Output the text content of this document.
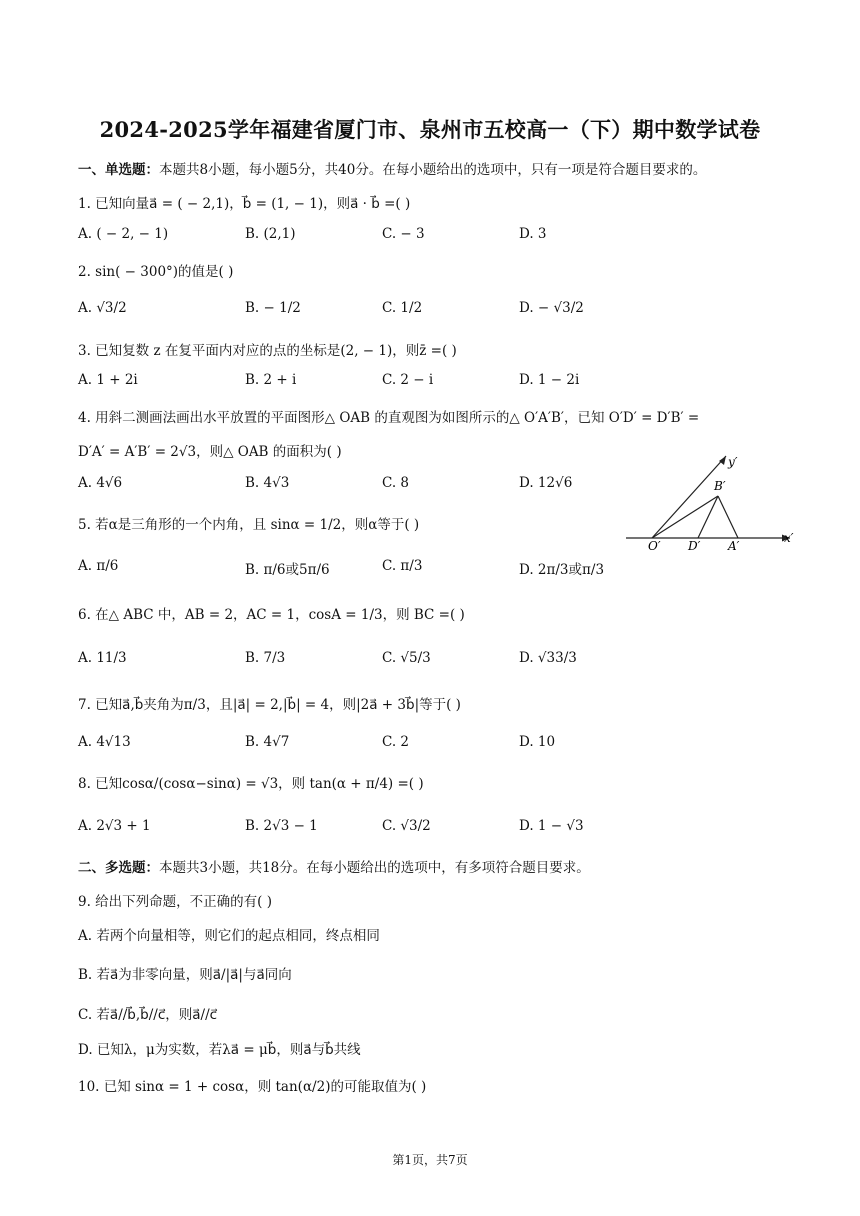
2024-2025学年福建省厦门市、泉州市五校高一（下）期中数学试卷
一、单选题：本题共8小题，每小题5分，共40分。在每小题给出的选项中，只有一项是符合题目要求的。
1. 已知向量a⃗ = ( − 2,1)，b⃗ = (1, − 1)，则a⃗ · b⃗ =( )
A. ( − 2, − 1)	B. (2,1)	C. − 3	D. 3
2. sin( − 300°)的值是( )
A. √3/2	B. − 1/2	C. 1/2	D. − √3/2
3. 已知复数 z 在复平面内对应的点的坐标是(2, − 1)，则z̄ =( )
A. 1 + 2i	B. 2 + i	C. 2 − i	D. 1 − 2i
4. 用斜二测画法画出水平放置的平面图形△ OAB 的直观图为如图所示的△ O′A′B′，已知 O′D′ = D′B′ =
D′A′ = A′B′ = 2√3，则△ OAB 的面积为( )
A. 4√6	B. 4√3	C. 8	D. 12√6
y′
B′
O′ D′ A′
x′
5. 若α是三角形的一个内角，且 sinα = 1/2，则α等于( )
A. π/6	B. π/6或5π/6	C. π/3	D. 2π/3或π/3
6. 在△ ABC 中，AB = 2，AC = 1，cosA = 1/3，则 BC =( )
A. 11/3	B. 7/3	C. √5/3	D. √33/3
7. 已知a⃗,b⃗夹角为π/3，且|a⃗| = 2,|b⃗| = 4，则|2a⃗ + 3b⃗|等于( )
A. 4√13	B. 4√7	C. 2	D. 10
8. 已知cosα/(cosα−sinα) = √3，则 tan(α + π/4) =( )
A. 2√3 + 1	B. 2√3 − 1	C. √3/2	D. 1 − √3
二、多选题：本题共3小题，共18分。在每小题给出的选项中，有多项符合题目要求。
9. 给出下列命题，不正确的有( )
A. 若两个向量相等，则它们的起点相同，终点相同
B. 若a⃗为非零向量，则a⃗/|a⃗|与a⃗同向
C. 若a⃗//b⃗,b⃗//c⃗，则a⃗//c⃗
D. 已知λ，μ为实数，若λa⃗ = μb⃗，则a⃗与b⃗共线
10. 已知 sinα = 1 + cosα，则 tan(α/2)的可能取值为( )
第1页，共7页
